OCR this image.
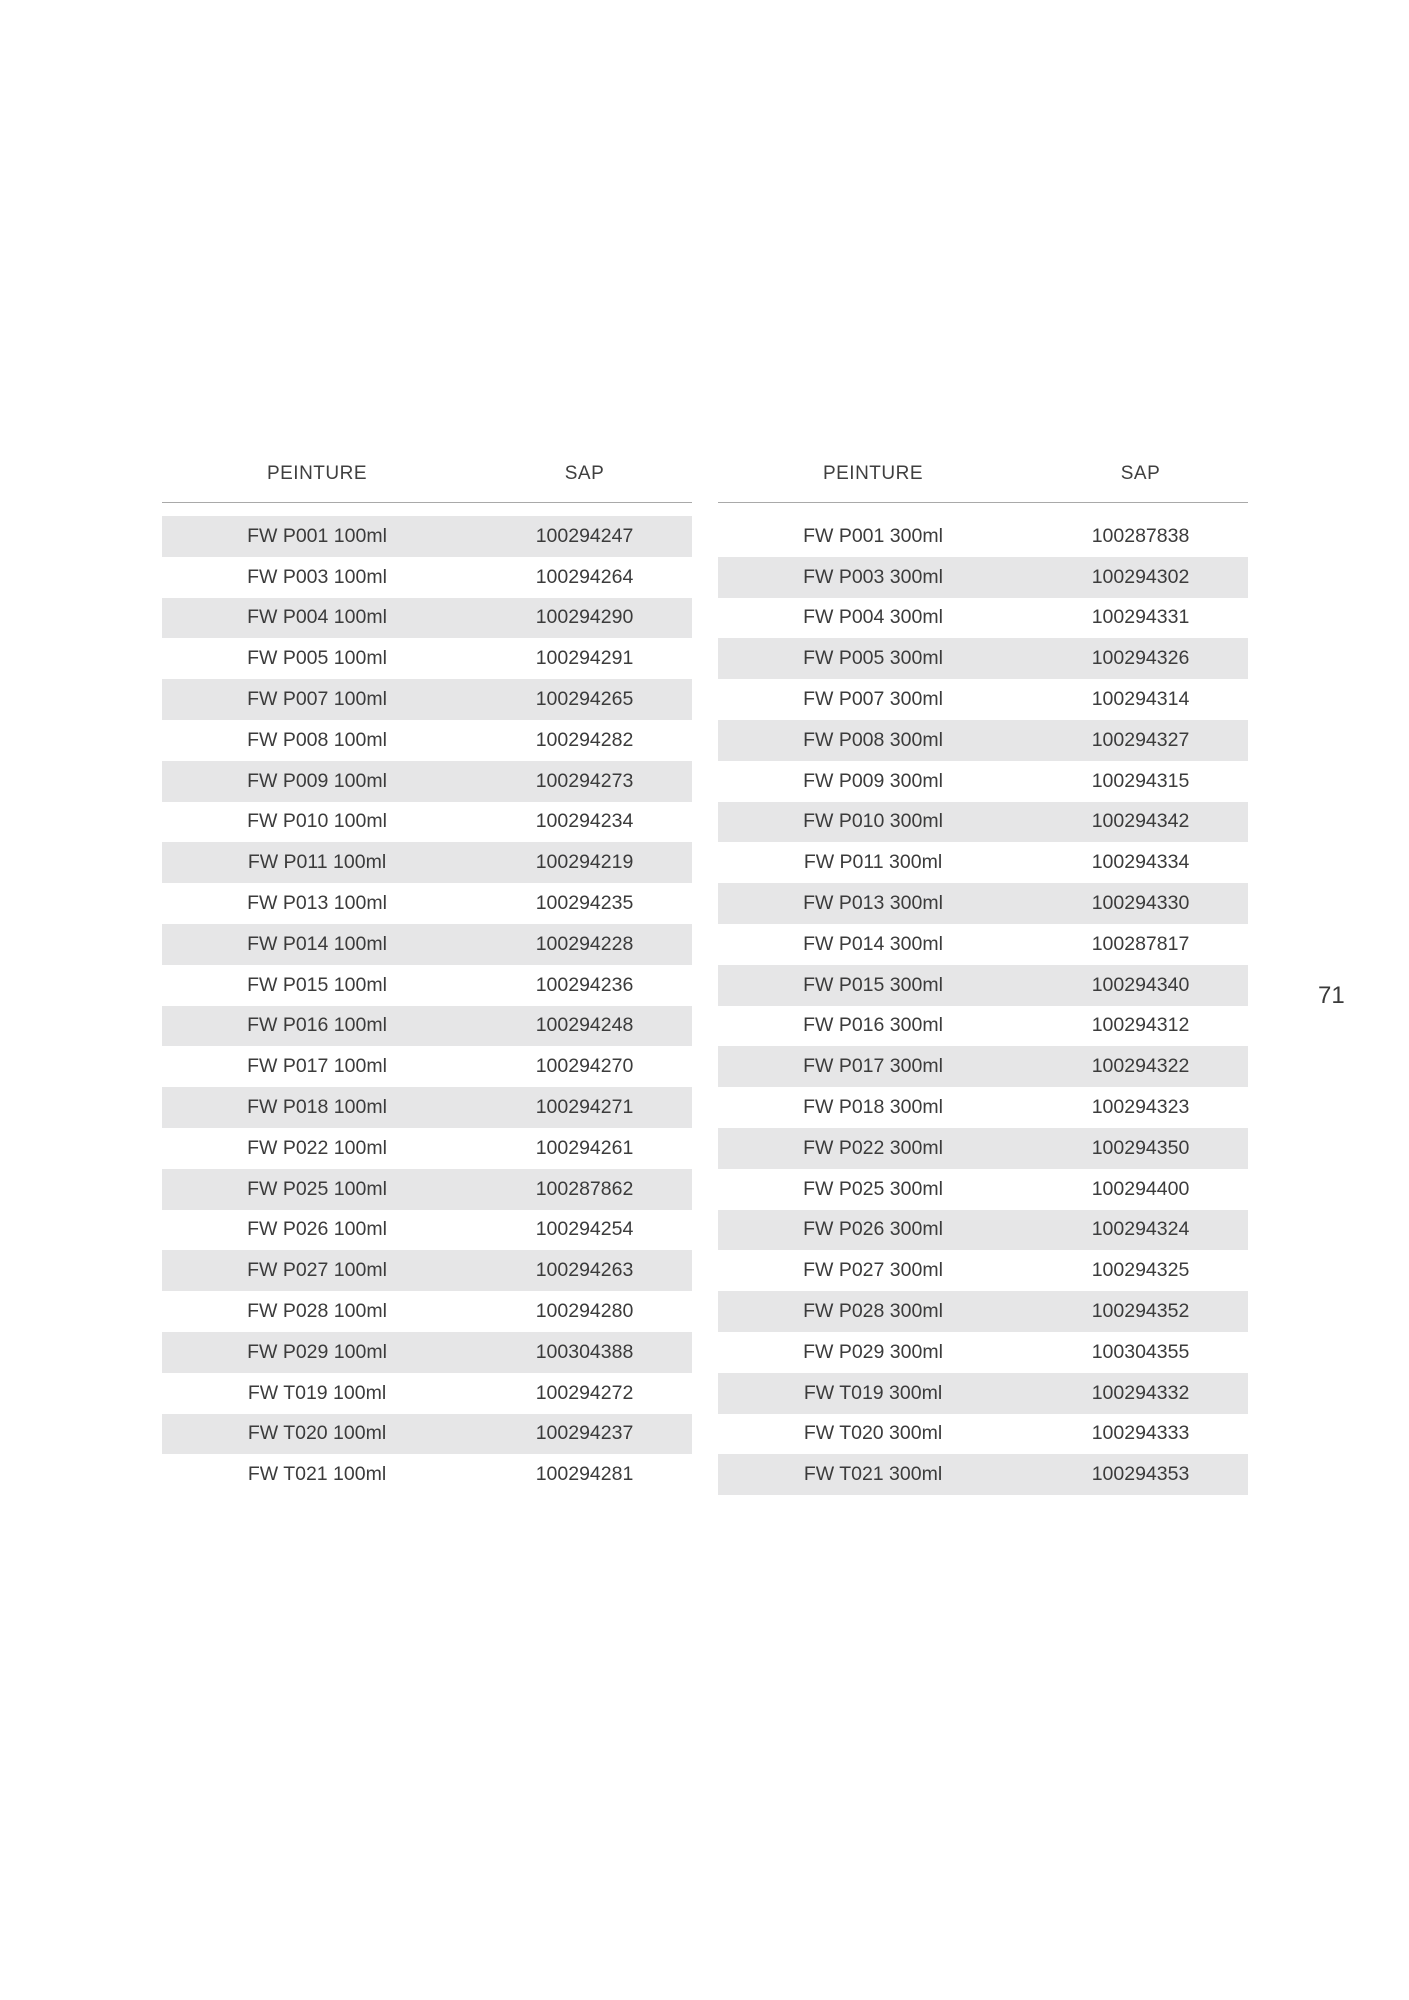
PEINTURE	SAP
FW P001 100ml	100294247
FW P003 100ml	100294264
FW P004 100ml	100294290
FW P005 100ml	100294291
FW P007 100ml	100294265
FW P008 100ml	100294282
FW P009 100ml	100294273
FW P010 100ml	100294234
FW P011 100ml	100294219
FW P013 100ml	100294235
FW P014 100ml	100294228
FW P015 100ml	100294236
FW P016 100ml	100294248
FW P017 100ml	100294270
FW P018 100ml	100294271
FW P022 100ml	100294261
FW P025 100ml	100287862
FW P026 100ml	100294254
FW P027 100ml	100294263
FW P028 100ml	100294280
FW P029 100ml	100304388
FW T019 100ml	100294272
FW T020 100ml	100294237
FW T021 100ml	100294281
PEINTURE	SAP
FW P001 300ml	100287838
FW P003 300ml	100294302
FW P004 300ml	100294331
FW P005 300ml	100294326
FW P007 300ml	100294314
FW P008 300ml	100294327
FW P009 300ml	100294315
FW P010 300ml	100294342
FW P011 300ml	100294334
FW P013 300ml	100294330
FW P014 300ml	100287817
FW P015 300ml	100294340
FW P016 300ml	100294312
FW P017 300ml	100294322
FW P018 300ml	100294323
FW P022 300ml	100294350
FW P025 300ml	100294400
FW P026 300ml	100294324
FW P027 300ml	100294325
FW P028 300ml	100294352
FW P029 300ml	100304355
FW T019 300ml	100294332
FW T020 300ml	100294333
FW T021 300ml	100294353
71
